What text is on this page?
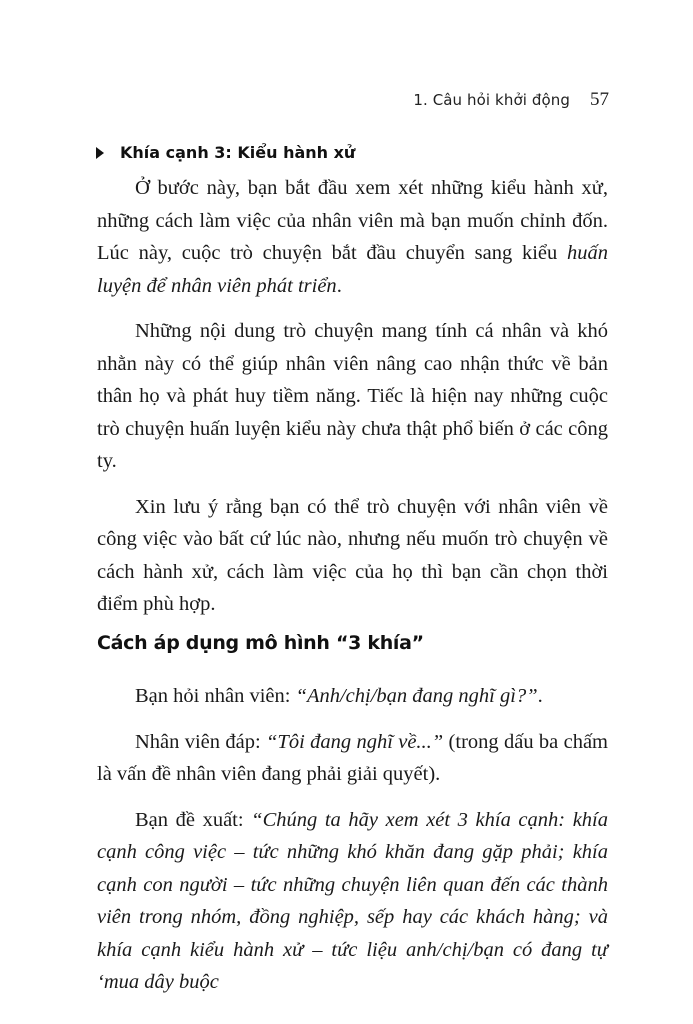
1. Câu hỏi khởi động 57
Khía cạnh 3: Kiểu hành xử

Ở bước này, bạn bắt đầu xem xét những kiểu hành xử, những cách làm việc của nhân viên mà bạn muốn chỉnh đốn. Lúc này, cuộc trò chuyện bắt đầu chuyển sang kiểu huấn luyện để nhân viên phát triển.

Những nội dung trò chuyện mang tính cá nhân và khó nhằn này có thể giúp nhân viên nâng cao nhận thức về bản thân họ và phát huy tiềm năng. Tiếc là hiện nay những cuộc trò chuyện huấn luyện kiểu này chưa thật phổ biến ở các công ty.

Xin lưu ý rằng bạn có thể trò chuyện với nhân viên về công việc vào bất cứ lúc nào, nhưng nếu muốn trò chuyện về cách hành xử, cách làm việc của họ thì bạn cần chọn thời điểm phù hợp.

Cách áp dụng mô hình “3 khía”

Bạn hỏi nhân viên: “Anh/chị/bạn đang nghĩ gì?”.

Nhân viên đáp: “Tôi đang nghĩ về...” (trong dấu ba chấm là vấn đề nhân viên đang phải giải quyết).

Bạn đề xuất: “Chúng ta hãy xem xét 3 khía cạnh: khía cạnh công việc – tức những khó khăn đang gặp phải; khía cạnh con người – tức những chuyện liên quan đến các thành viên trong nhóm, đồng nghiệp, sếp hay các khách hàng; và khía cạnh kiểu hành xử – tức liệu anh/chị/bạn có đang tự ‘mua dây buộc
